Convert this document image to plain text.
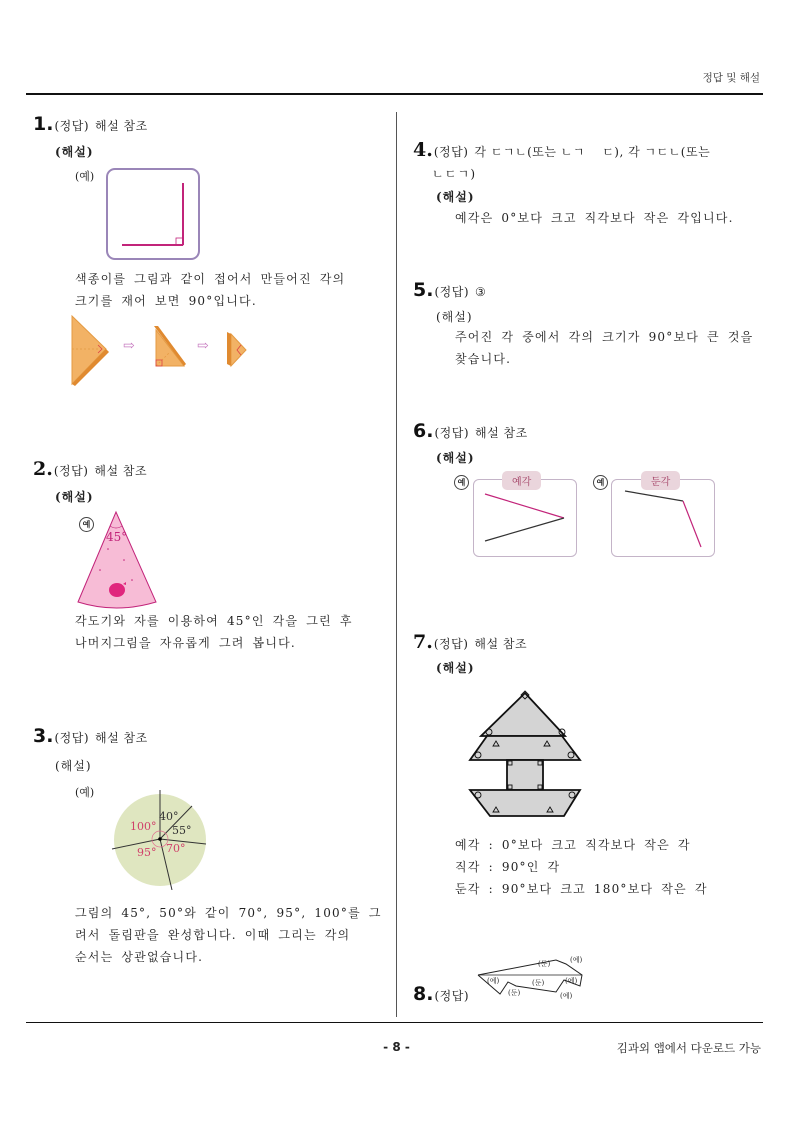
정답 및 해설
1. (정답) 해설 참조
(해설)
(예)
색종이를 그림과 같이 접어서 만들어진 각의
크기를 재어 보면 90°입니다.
⇨	⇨
2. (정답) 해설 참조
(해설)
예
45°
각도기와 자를 이용하여 45°인 각을 그린 후
나머지그림을 자유롭게 그려 봅니다.
3. (정답) 해설 참조
(해설)
(예)
40°
55°
100°
95° 70°
그림의 45°, 50°와 같이 70°, 95°, 100°를 그
려서 돌림판을 완성합니다. 이때 그리는 각의
순서는 상관없습니다.
4. (정답) 각 ㄷㄱㄴ(또는 ㄴㄱ    ㄷ), 각 ㄱㄷㄴ(또는
ㄴㄷㄱ)
(해설)
예각은 0°보다 크고 직각보다 작은 각입니다.
5. (정답) ③
(해설)
주어진 각 중에서 각의 크기가 90°보다 큰 것을
찾습니다.
6. (정답) 해설 참조
(해설)
예	예각	예	둔각
7. (정답) 해설 참조
(해설)
예각 : 0°보다 크고 직각보다 작은 각
직각 : 90°인 각
둔각 : 90°보다 크고 180°보다 작은 각
8. (정답)
(둔)	(예)
(예)	(둔)	(예)
(둔)	(예)
- 8 -	김과외 앱에서 다운로드 가능
